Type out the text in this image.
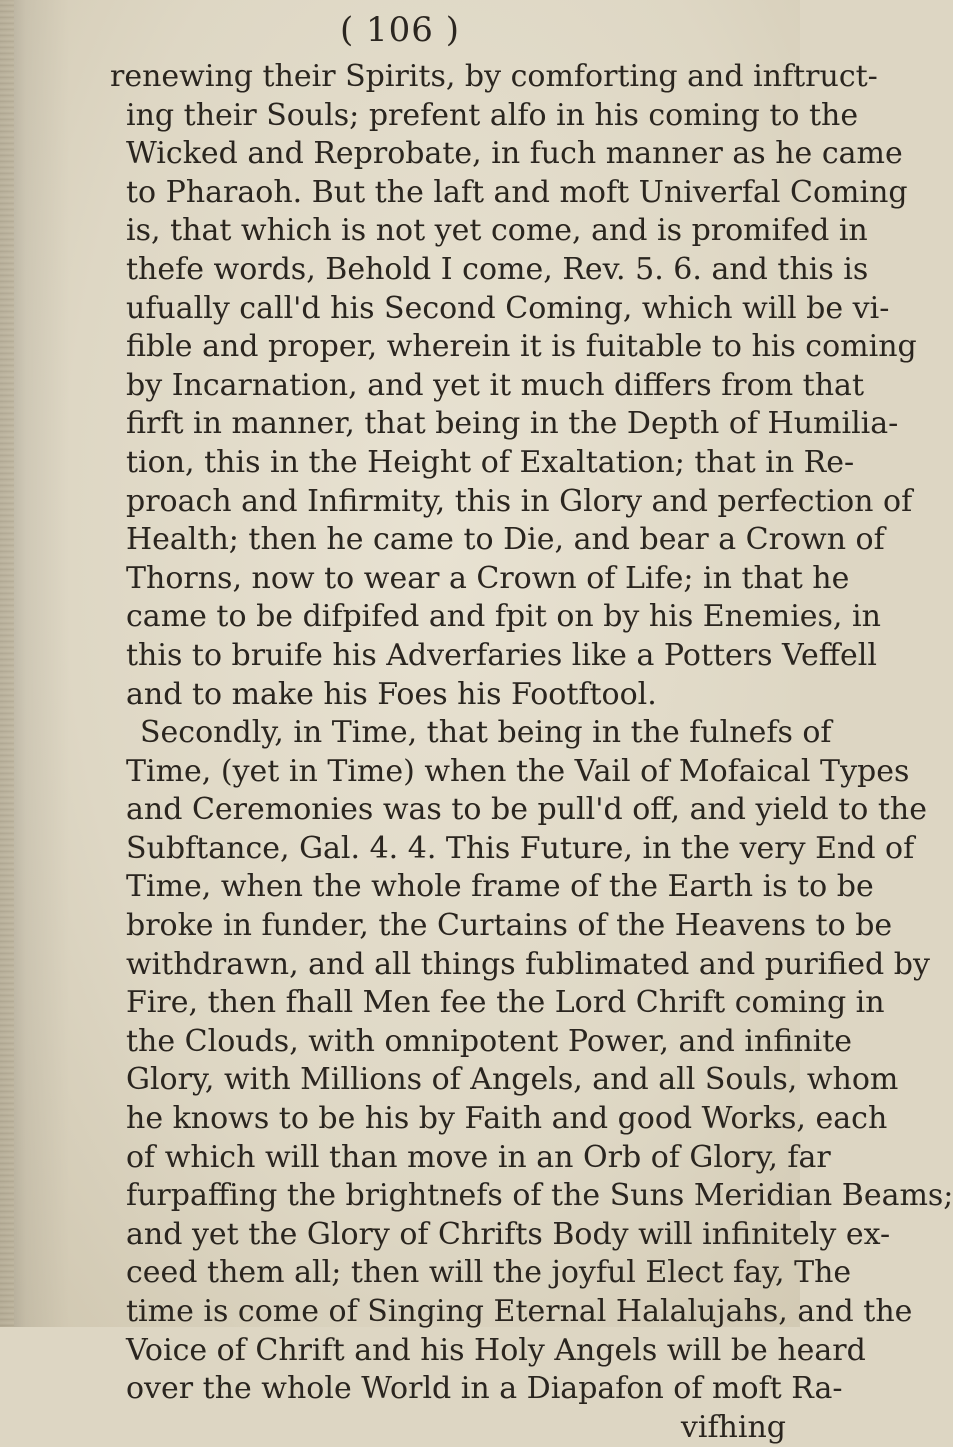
( 106 )
renewing their Spirits, by comforting and inftruct-
ing their Souls; prefent alfo in his coming to the
Wicked and Reprobate, in fuch manner as he came
to Pharaoh. But the laft and moft Univerfal Coming
is, that which is not yet come, and is promifed in
thefe words, Behold I come, Rev. 5. 6. and this is
ufually call'd his Second Coming, which will be vi-
fible and proper, wherein it is fuitable to his coming
by Incarnation, and yet it much differs from that
firft in manner, that being in the Depth of Humilia-
tion, this in the Height of Exaltation; that in Re-
proach and Infirmity, this in Glory and perfection of
Health; then he came to Die, and bear a Crown of
Thorns, now to wear a Crown of Life; in that he
came to be difpifed and fpit on by his Enemies, in
this to bruife his Adverfaries like a Potters Veffell
and to make his Foes his Footftool.
Secondly, in Time, that being in the fulnefs of
Time, (yet in Time) when the Vail of Mofaical Types
and Ceremonies was to be pull'd off, and yield to the
Subftance, Gal. 4. 4. This Future, in the very End of
Time, when the whole frame of the Earth is to be
broke in funder, the Curtains of the Heavens to be
withdrawn, and all things fublimated and purified by
Fire, then fhall Men fee the Lord Chrift coming in
the Clouds, with omnipotent Power, and infinite
Glory, with Millions of Angels, and all Souls, whom
he knows to be his by Faith and good Works, each
of which will than move in an Orb of Glory, far
furpaffing the brightnefs of the Suns Meridian Beams;
and yet the Glory of Chrifts Body will infinitely ex-
ceed them all; then will the joyful Elect fay, The
time is come of Singing Eternal Halalujahs, and the
Voice of Chrift and his Holy Angels will be heard
over the whole World in a Diapafon of moft Ra-
vifhing
